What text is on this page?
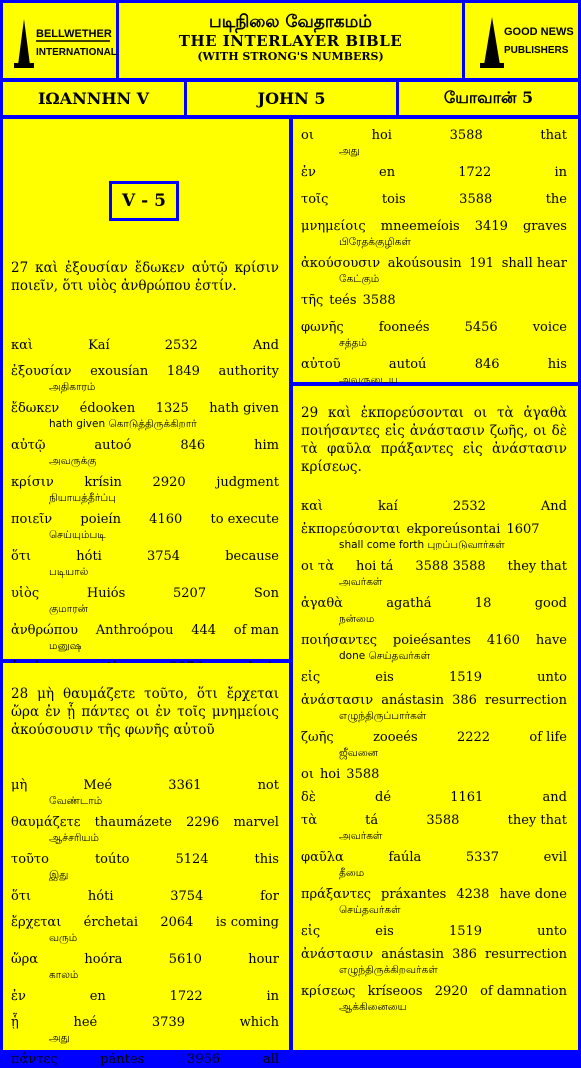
BELLWETHER
INTERNATIONAL
படிநிலை வேதாகமம்
THE INTERLAYER BIBLE
(WITH STRONG'S NUMBERS)
GOOD NEWS
PUBLISHERS
ΙΩΑΝΝΗΝ V	JOHN 5	யோவான் 5
V - 5
27 καὶ ἐξουσίαν ἔδωκεν αὐτῷ κρίσιν ποιεῖν, ὅτι υἱὸς ἀνθρώπου ἐστίν.
καὶ	Kaí	2532	And
ἐξουσίαν exousían 1849 authority
அதிகாரம்
ἔδωκεν édooken 1325 hath given
hath given கொடுத்திருக்கிறார்
αὐτῷ	autoó	846	him
அவருக்கு
κρίσιν krísin 2920 judgment
நியாயத்தீர்ப்பு
ποιεῖν poieín 4160 to execute
செய்யும்படி
ὅτι	hóti	3754	because
படியால்
υἱὸς	Huiós	5207	Son
குமாரன்
ἀνθρώπου Anthroópou 444 of man
மனுஷ
28 μὴ θαυμάζετε τοῦτο, ὅτι ἔρχεται ὥρα ἐν ᾗ πάντες οι ἐν τοῖς μνημείοις ἀκούσουσιν τῆς φωνῆς αὐτοῦ
μὴ	Meé	3361	not
வேண்டாம்
θαυμάζετε thaumázete 2296 marvel
ஆச்சரியம்
τοῦτο	toúto	5124	this
இது
ὅτι	hóti	3754	for
ἔρχεται érchetai 2064 is coming
வரும்
ὥρα	hoóra	5610	hour
காலம்
ἐν	en	1722	in
ᾗ	heé	3739	which
அது
πάντες	pántes	3956	all
οι	hoi	3588	that
அது
ἐν	en	1722	in
τοῖς	tois	3588	the
μνημείοις mneemeíois 3419 graves
பிரேதக்குழிகள்
ἀκούσουσιν akoúsousin 191 shall hear
கேட்கும்
τῆς teés 3588
φωνῆς	fooneés	5456	voice
சத்தம்
αὐτοῦ	autoú	846	his
அவருடைய
29 καὶ ἐκπορεύσονται οι τὰ ἀγαθὰ ποιήσαντες εἰς ἀνάστασιν ζωῆς, οι δὲ τὰ φαῦλα πράξαντες εἰς ἀνάστασιν κρίσεως.
καὶ	kaí	2532	And
ἐκπορεύσονται ekporeúsontai 1607
shall come forth புறப்படுவார்கள்
οι τὰ hoi tá 3588 3588 they that
அவர்கள்
ἀγαθὰ	agathá	18	good
நன்மை
ποιήσαντες poieésantes 4160 have
done செய்தவர்கள்
εἰς	eis	1519	unto
ἀνάστασιν anástasin 386 resurrection
எழுந்திருப்பார்கள்
ζωῆς	zooeés	2222	of life
ஜீவனை
οι hoi 3588
δὲ	dé	1161	and
τὰ	tá	3588	they that
அவர்கள்
φαῦλα	faúla	5337	evil
தீமை
πράξαντες práxantes 4238 have done
செய்தவர்கள்
εἰς	eis	1519	unto
ἀνάστασιν anástasin 386 resurrection
எழுந்திருக்கிறவர்கள்
κρίσεως kríseoos 2920 of damnation
ஆக்கினையை
